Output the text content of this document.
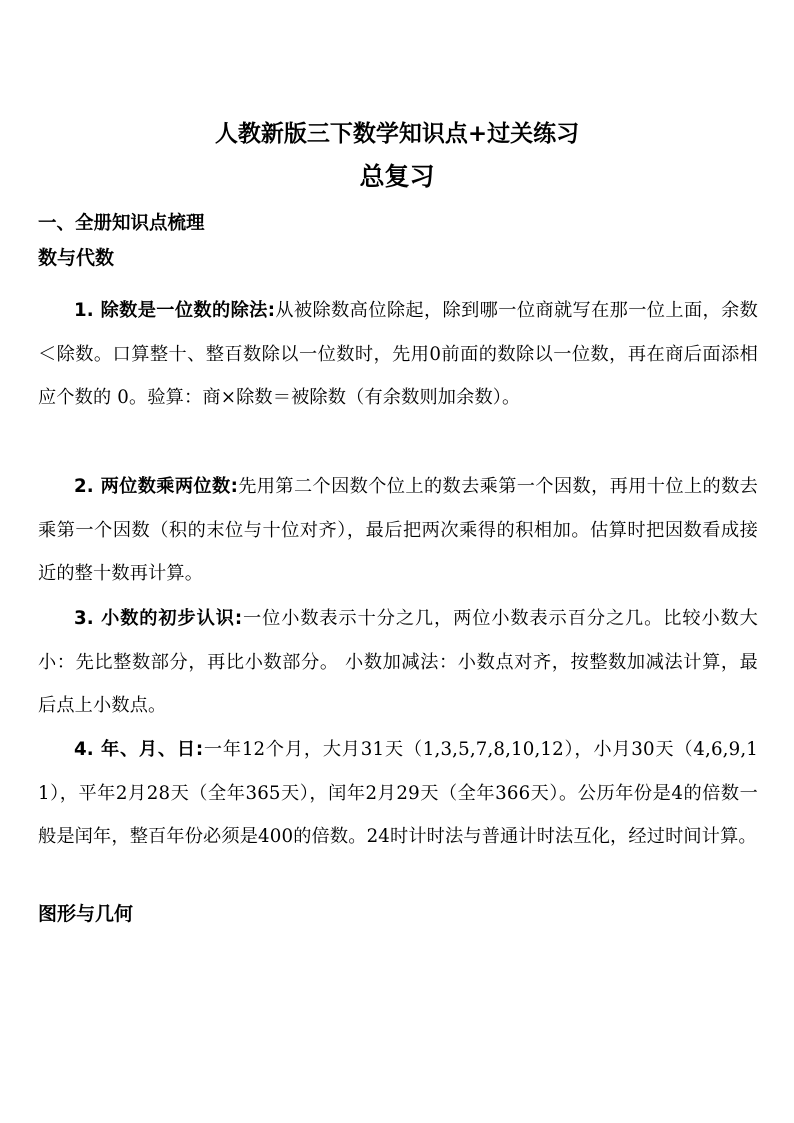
人教新版三下数学知识点+过关练习
总复习
一、全册知识点梳理
数与代数
1. 除数是一位数的除法:从被除数高位除起，除到哪一位商就写在那一位上面，余数＜除数。口算整十、整百数除以一位数时，先用0前面的数除以一位数，再在商后面添相应个数的 0。验算：商×除数＝被除数（有余数则加余数）。
2. 两位数乘两位数:先用第二个因数个位上的数去乘第一个因数，再用十位上的数去乘第一个因数（积的末位与十位对齐），最后把两次乘得的积相加。估算时把因数看成接近的整十数再计算。
3. 小数的初步认识:一位小数表示十分之几，两位小数表示百分之几。比较小数大小：先比整数部分，再比小数部分。 小数加减法：小数点对齐，按整数加减法计算，最后点上小数点。
4. 年、月、日:一年12个月，大月31天（1,3,5,7,8,10,12），小月30天（4,6,9,11），平年2月28天（全年365天），闰年2月29天（全年366天）。公历年份是4的倍数一般是闰年，整百年份必须是400的倍数。24时计时法与普通计时法互化，经过时间计算。
图形与几何
